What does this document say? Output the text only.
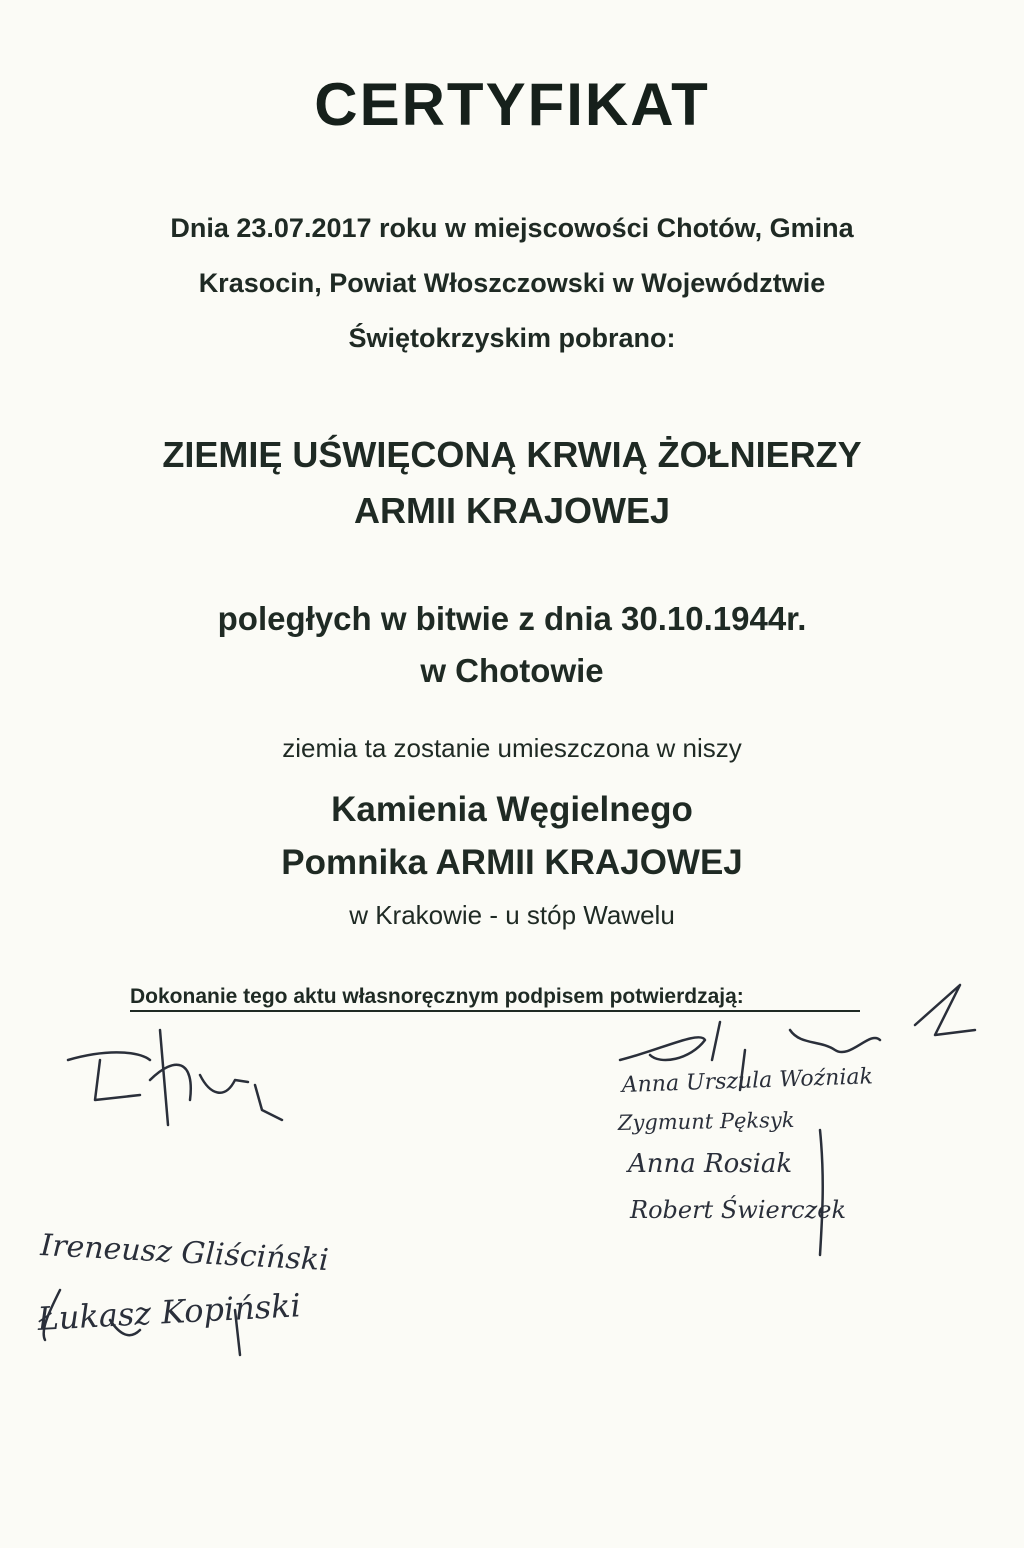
CERTYFIKAT
Dnia 23.07.2017 roku w miejscowości Chotów, Gmina
Krasocin, Powiat Włoszczowski w Województwie
Świętokrzyskim pobrano:
ZIEMIĘ UŚWIĘCONĄ KRWIĄ ŻOŁNIERZY
ARMII KRAJOWEJ
poległych w bitwie z dnia 30.10.1944r.
w Chotowie
ziemia ta zostanie umieszczona w niszy
Kamienia Węgielnego
Pomnika ARMII KRAJOWEJ
w Krakowie - u stóp Wawelu
Dokonanie tego aktu własnoręcznym podpisem potwierdzają:
Anna Urszula Woźniak
Zygmunt Pęksyk
Anna Rosiak
Robert Świerczek
Ireneusz Gliściński
Łukasz Kopiński
